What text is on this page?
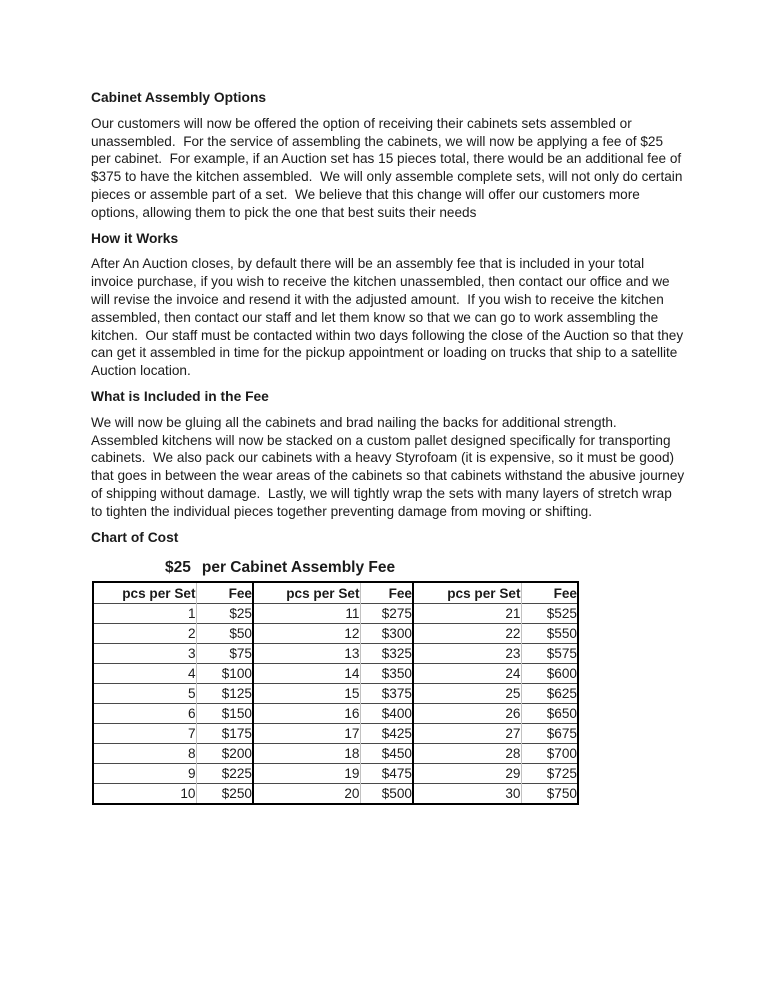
Cabinet Assembly Options

Our customers will now be offered the option of receiving their cabinets sets assembled or unassembled.  For the service of assembling the cabinets, we will now be applying a fee of $25 per cabinet.  For example, if an Auction set has 15 pieces total, there would be an additional fee of $375 to have the kitchen assembled.  We will only assemble complete sets, will not only do certain pieces or assemble part of a set.  We believe that this change will offer our customers more options, allowing them to pick the one that best suits their needs

How it Works

After An Auction closes, by default there will be an assembly fee that is included in your total invoice purchase, if you wish to receive the kitchen unassembled, then contact our office and we will revise the invoice and resend it with the adjusted amount.  If you wish to receive the kitchen assembled, then contact our staff and let them know so that we can go to work assembling the kitchen.  Our staff must be contacted within two days following the close of the Auction so that they can get it assembled in time for the pickup appointment or loading on trucks that ship to a satellite Auction location.

What is Included in the Fee

We will now be gluing all the cabinets and brad nailing the backs for additional strength.  Assembled kitchens will now be stacked on a custom pallet designed specifically for transporting cabinets.  We also pack our cabinets with a heavy Styrofoam (it is expensive, so it must be good) that goes in between the wear areas of the cabinets so that cabinets withstand the abusive journey of shipping without damage.  Lastly, we will tightly wrap the sets with many layers of stretch wrap to tighten the individual pieces together preventing damage from moving or shifting.

Chart of Cost
$25 per Cabinet Assembly Fee
pcs per Set	Fee	pcs per Set	Fee	pcs per Set	Fee
1	$25	11	$275	21	$525
2	$50	12	$300	22	$550
3	$75	13	$325	23	$575
4	$100	14	$350	24	$600
5	$125	15	$375	25	$625
6	$150	16	$400	26	$650
7	$175	17	$425	27	$675
8	$200	18	$450	28	$700
9	$225	19	$475	29	$725
10	$250	20	$500	30	$750
